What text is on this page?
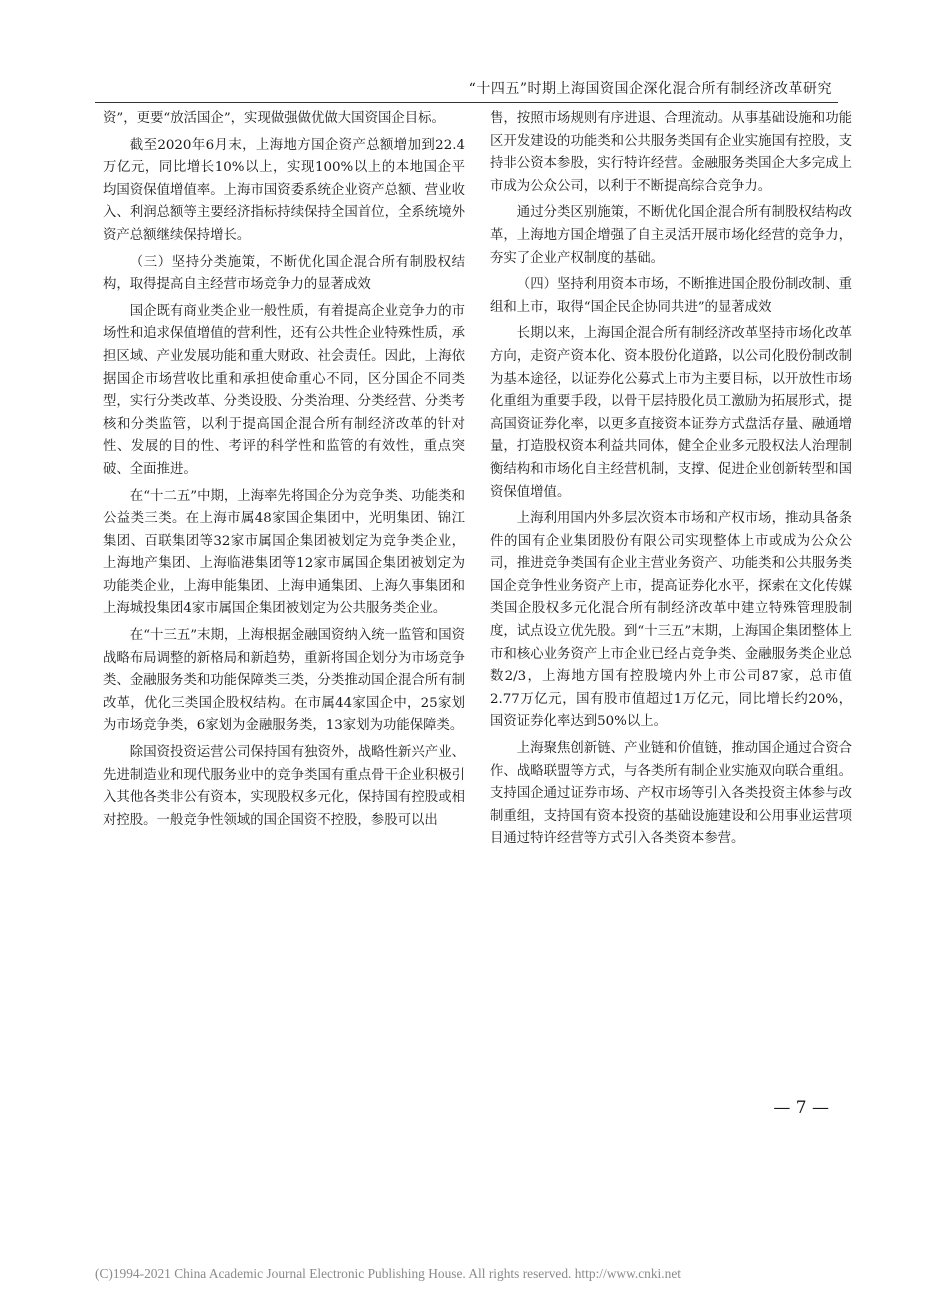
“十四五”时期上海国资国企深化混合所有制经济改革研究

资”，更要“放活国企”，实现做强做优做大国资国企目标。

截至2020年6月末，上海地方国企资产总额增加到22.4万亿元，同比增长10%以上，实现100%以上的本地国企平均国资保值增值率。上海市国资委系统企业资产总额、营业收入、利润总额等主要经济指标持续保持全国首位，全系统境外资产总额继续保持增长。

（三）坚持分类施策，不断优化国企混合所有制股权结构，取得提高自主经营市场竞争力的显著成效

国企既有商业类企业一般性质，有着提高企业竞争力的市场性和追求保值增值的营利性，还有公共性企业特殊性质，承担区域、产业发展功能和重大财政、社会责任。因此，上海依据国企市场营收比重和承担使命重心不同，区分国企不同类型，实行分类改革、分类设股、分类治理、分类经营、分类考核和分类监管，以利于提高国企混合所有制经济改革的针对性、发展的目的性、考评的科学性和监管的有效性，重点突破、全面推进。

在“十二五”中期，上海率先将国企分为竞争类、功能类和公益类三类。在上海市属48家国企集团中，光明集团、锦江集团、百联集团等32家市属国企集团被划定为竞争类企业，上海地产集团、上海临港集团等12家市属国企集团被划定为功能类企业，上海申能集团、上海申通集团、上海久事集团和上海城投集团4家市属国企集团被划定为公共服务类企业。

在“十三五”末期，上海根据金融国资纳入统一监管和国资战略布局调整的新格局和新趋势，重新将国企划分为市场竞争类、金融服务类和功能保障类三类，分类推动国企混合所有制改革，优化三类国企股权结构。在市属44家国企中，25家划为市场竞争类，6家划为金融服务类，13家划为功能保障类。

除国资投资运营公司保持国有独资外，战略性新兴产业、先进制造业和现代服务业中的竞争类国有重点骨干企业积极引入其他各类非公有资本，实现股权多元化，保持国有控股或相对控股。一般竞争性领域的国企国资不控股，参股可以出

售，按照市场规则有序进退、合理流动。从事基础设施和功能区开发建设的功能类和公共服务类国有企业实施国有控股，支持非公资本参股，实行特许经营。金融服务类国企大多完成上市成为公众公司，以利于不断提高综合竞争力。

通过分类区别施策，不断优化国企混合所有制股权结构改革，上海地方国企增强了自主灵活开展市场化经营的竞争力，夯实了企业产权制度的基础。

（四）坚持利用资本市场，不断推进国企股份制改制、重组和上市，取得“国企民企协同共进”的显著成效

长期以来，上海国企混合所有制经济改革坚持市场化改革方向，走资产资本化、资本股份化道路，以公司化股份制改制为基本途径，以证券化公募式上市为主要目标，以开放性市场化重组为重要手段，以骨干层持股化员工激励为拓展形式，提高国资证券化率，以更多直接资本证券方式盘活存量、融通增量，打造股权资本利益共同体，健全企业多元股权法人治理制衡结构和市场化自主经营机制，支撑、促进企业创新转型和国资保值增值。

上海利用国内外多层次资本市场和产权市场，推动具备条件的国有企业集团股份有限公司实现整体上市或成为公众公司，推进竞争类国有企业主营业务资产、功能类和公共服务类国企竞争性业务资产上市，提高证券化水平，探索在文化传媒类国企股权多元化混合所有制经济改革中建立特殊管理股制度，试点设立优先股。到“十三五”末期，上海国企集团整体上市和核心业务资产上市企业已经占竞争类、金融服务类企业总数2/3，上海地方国有控股境内外上市公司87家，总市值2.77万亿元，国有股市值超过1万亿元，同比增长约20%，国资证券化率达到50%以上。

上海聚焦创新链、产业链和价值链，推动国企通过合资合作、战略联盟等方式，与各类所有制企业实施双向联合重组。支持国企通过证券市场、产权市场等引入各类投资主体参与改制重组，支持国有资本投资的基础设施建设和公用事业运营项目通过特许经营等方式引入各类资本参营。

— 7 —
(C)1994-2021 China Academic Journal Electronic Publishing House. All rights reserved. http://www.cnki.net
